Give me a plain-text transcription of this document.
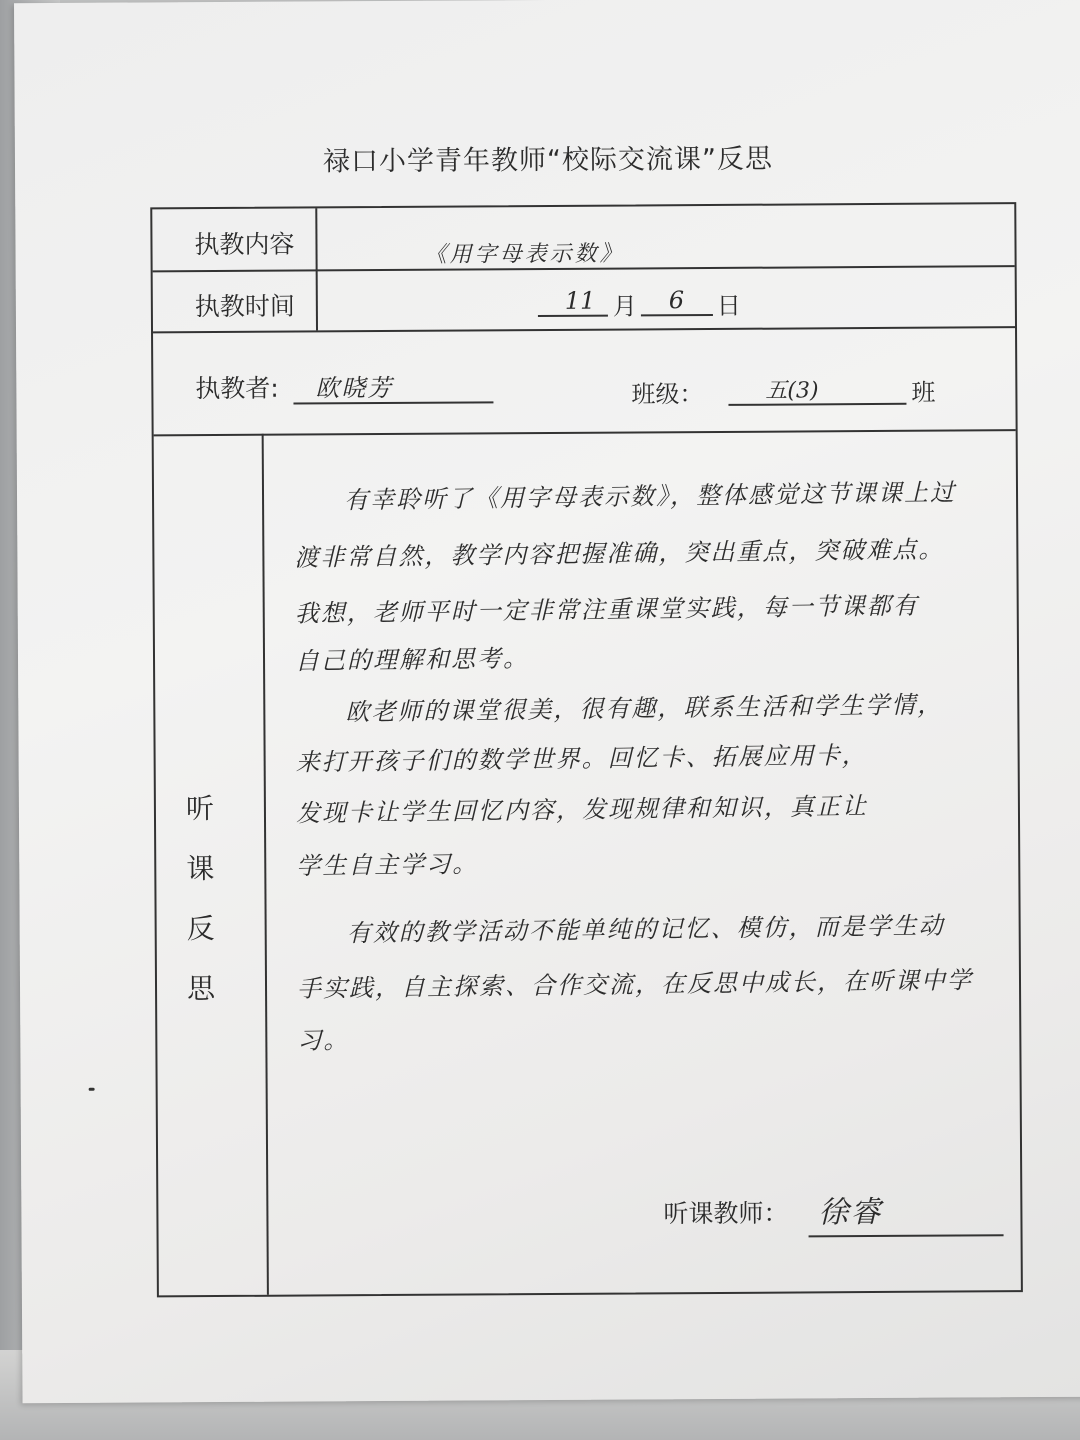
禄口小学青年教师“校际交流课”反思
执教内容	《用字母表示数》
执教时间	11 月 6 日
执教者: 欧晓芳	班级：	五(3)	班
听
课
反
思
有幸聆听了《用字母表示数》，整体感觉这节课课上过
渡非常自然，教学内容把握准确，突出重点，突破难点。
我想，老师平时一定非常注重课堂实践，每一节课都有
自己的理解和思考。
欧老师的课堂很美，很有趣，联系生活和学生学情，
来打开孩子们的数学世界。回忆卡、拓展应用卡，
发现卡让学生回忆内容，发现规律和知识，真正让
学生自主学习。
有效的教学活动不能单纯的记忆、模仿，而是学生动
手实践，自主探索、合作交流，在反思中成长，在听课中学
习。
听课教师： 徐睿
